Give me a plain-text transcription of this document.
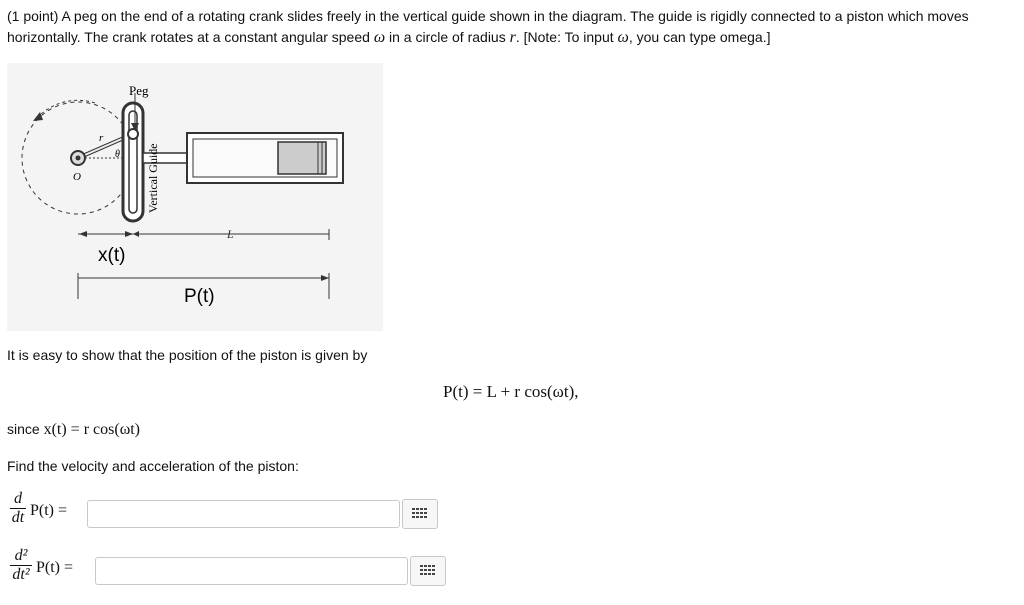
(1 point) A peg on the end of a rotating crank slides freely in the vertical guide shown in the diagram. The guide is rigidly connected to a piston which moves horizontally. The crank rotates at a constant angular speed ω in a circle of radius r. [Note: To input ω, you can type omega.]
Peg
Vertical Guide
r
θ
O
L
x(t)
P(t)
It is easy to show that the position of the piston is given by
P(t) = L + r cos(ωt),
since x(t) = r cos(ωt)
Find the velocity and acceleration of the piston:
d
dt P(t) =
d²
dt² P(t) =
